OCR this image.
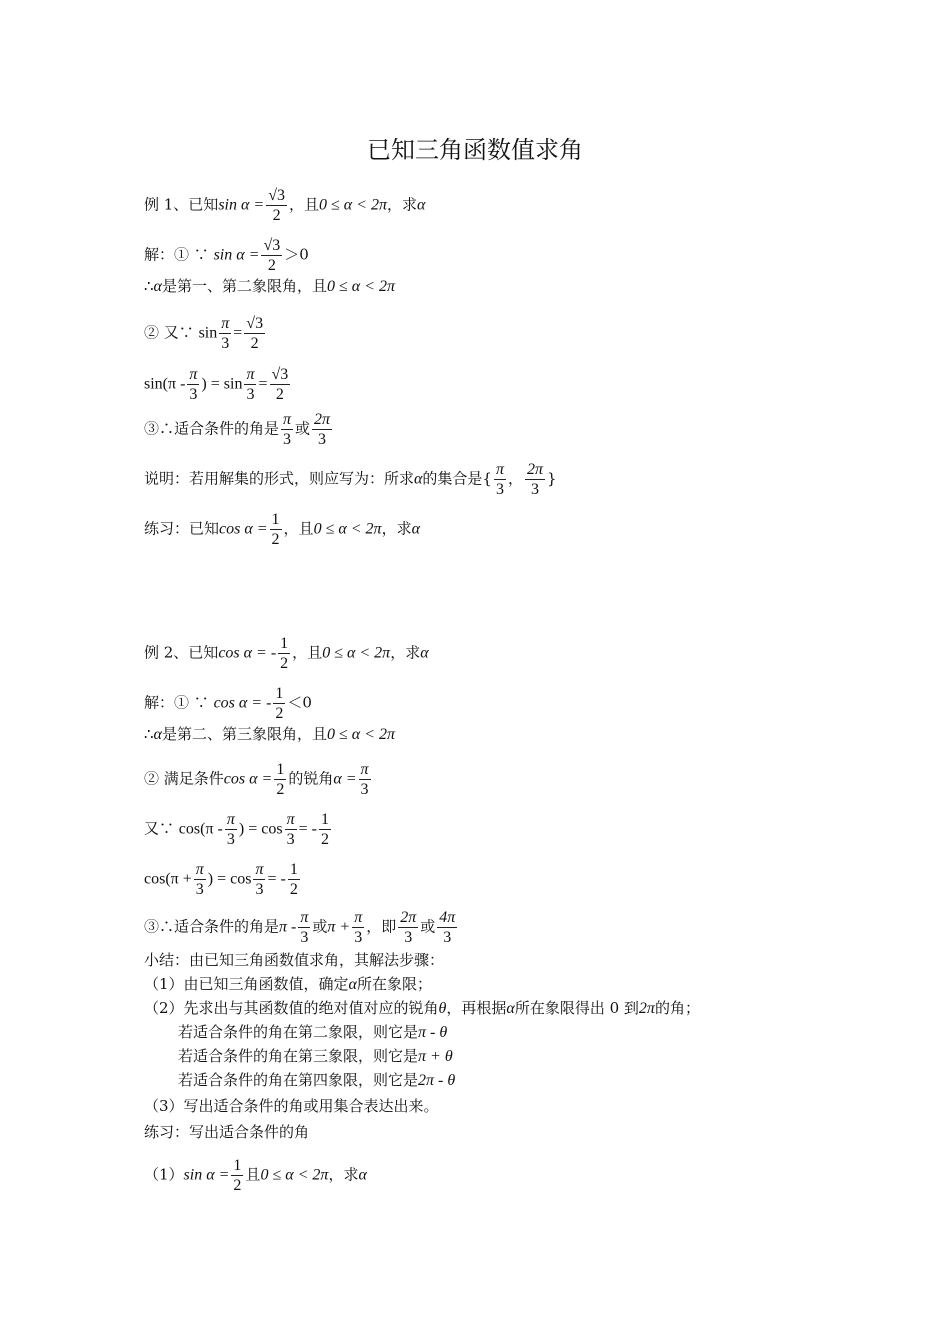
已知三角函数值求角
例 1、已知$\sin \alpha = \frac{√3}{2}$ ，且0 ≤ α < 2π，求α
解：① ∵ $\sin \alpha = \frac{√3}{2} >0$
∴α是第一、第二象限角，且0 ≤ α < 2π
② 又∵ $\sin \frac{\pi}{3} = \frac{√3}{2}$
$\sin(\pi - \frac{\pi}{3}$ ) = $\sin \frac{\pi}{3} = \frac{√3}{2}$
③∴适合条件的角是 $\frac{\pi}{3}$ 或 $\frac{2\pi}{3}$
说明：若用解集的形式，则应写为：所求α的集合是{ $\frac{\pi}{3}$ ， $\frac{2\pi}{3}$ }
练习：已知$\cos \alpha = \frac{1}{2}$ ，且0 ≤ α < 2π，求α
例 2、已知cos α = - $\frac{1}{2}$ ，且0 ≤ α < 2π，求α
解：① ∵ cos α = - $\frac{1}{2} <0$
∴α是第二、第三象限角，且0 ≤ α < 2π
② 满足条件$\cos \alpha = \frac{1}{2}$ 的锐角$\alpha = \frac{\pi}{3}$
又∵ $\cos(\pi - \frac{\pi}{3}$ ) = $\cos \frac{\pi}{3}$ = - $\frac{1}{2}$
$\cos(\pi + \frac{\pi}{3}$ ) = $\cos \frac{\pi}{3}$ = - $\frac{1}{2}$
③∴适合条件的角是π - $\frac{\pi}{3}$ 或$\pi + \frac{\pi}{3}$ ，即 $\frac{2\pi}{3}$ 或 $\frac{4\pi}{3}$
小结：由已知三角函数值求角，其解法步骤：
（1）由已知三角函数值，确定α所在象限；
（2）先求出与其函数值的绝对值对应的锐角θ，再根据α所在象限得出 0 到2π的角；
若适合条件的角在第二象限，则它是π - θ
若适合条件的角在第三象限，则它是π + θ
若适合条件的角在第四象限，则它是2π - θ
（3）写出适合条件的角或用集合表达出来。
练习：写出适合条件的角
（1）sin $\alpha = \frac{1}{2}$ 且0 ≤ α < 2π，求α
